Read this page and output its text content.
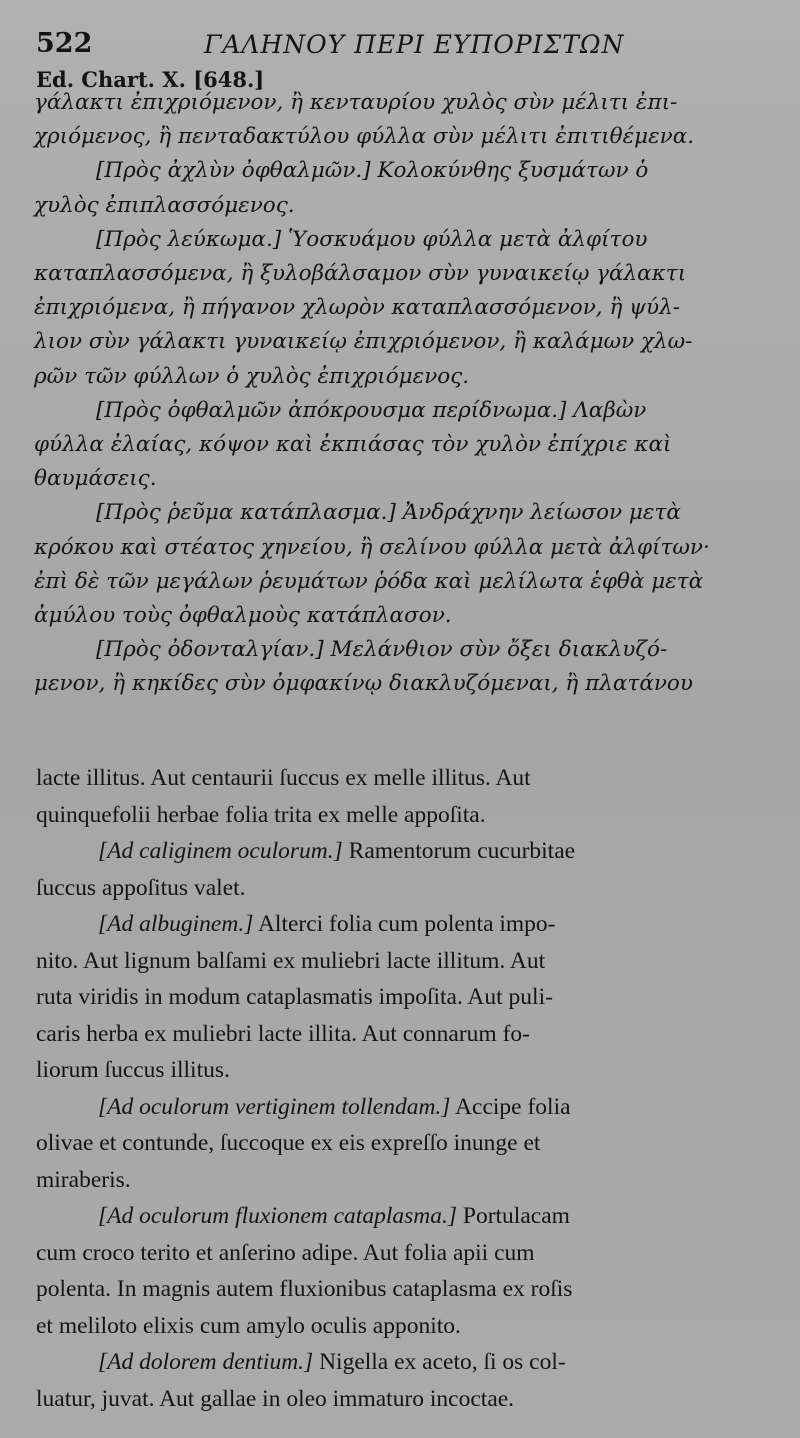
522	ΓΑΛΗΝΟΥ ΠΕΡΙ ΕΥΠΟΡΙΣΤΩΝ
Ed. Chart. X. [648.]
γάλακτι ἐπιχριόμενον, ἢ κενταυρίου χυλὸς σὺν μέλιτι ἐπι-
χριόμενος, ἢ πενταδακτύλου φύλλα σὺν μέλιτι ἐπιτιθέμενα.
[Πρὸς ἀχλὺν ὀφθαλμῶν.] Κολοκύνθης ξυσμάτων ὁ
χυλὸς ἐπιπλασσόμενος.
[Πρὸς λεύκωμα.] Ὑοσκυάμου φύλλα μετὰ ἀλφίτου
καταπλασσόμενα, ἢ ξυλοβάλσαμον σὺν γυναικείῳ γάλακτι
ἐπιχριόμενα, ἢ πήγανον χλωρὸν καταπλασσόμενον, ἢ ψύλ-
λιον σὺν γάλακτι γυναικείῳ ἐπιχριόμενον, ἢ καλάμων χλω-
ρῶν τῶν φύλλων ὁ χυλὸς ἐπιχριόμενος.
[Πρὸς ὀφθαλμῶν ἀπόκρουσμα περίδνωμα.] Λαβὼν
φύλλα ἐλαίας, κόψον καὶ ἐκπιάσας τὸν χυλὸν ἐπίχριε καὶ
θαυμάσεις.
[Πρὸς ῥεῦμα κατάπλασμα.] Ἀνδράχνην λείωσον μετὰ
κρόκου καὶ στέατος χηνείου, ἢ σελίνου φύλλα μετὰ ἀλφίτων·
ἐπὶ δὲ τῶν μεγάλων ῥευμάτων ῥόδα καὶ μελίλωτα ἑφθὰ μετὰ
ἀμύλου τοὺς ὀφθαλμοὺς κατάπλασον.
[Πρὸς ὀδονταλγίαν.] Μελάνθιον σὺν ὄξει διακλυζό-
μενον, ἢ κηκίδες σὺν ὀμφακίνῳ διακλυζόμεναι, ἢ πλατάνου
lacte illitus. Aut centaurii ſuccus ex melle illitus. Aut
quinquefolii herbae folia trita ex melle appoſita.
[Ad caliginem oculorum.] Ramentorum cucurbitae
ſuccus appoſitus valet.
[Ad albuginem.] Alterci folia cum polenta impo-
nito. Aut lignum balſami ex muliebri lacte illitum. Aut
ruta viridis in modum cataplasmatis impoſita. Aut puli-
caris herba ex muliebri lacte illita. Aut connarum fo-
liorum ſuccus illitus.
[Ad oculorum vertiginem tollendam.] Accipe folia
olivae et contunde, ſuccoque ex eis expreſſo inunge et
miraberis.
[Ad oculorum fluxionem cataplasma.] Portulacam
cum croco terito et anſerino adipe. Aut folia apii cum
polenta. In magnis autem fluxionibus cataplasma ex roſis
et meliloto elixis cum amylo oculis apponito.
[Ad dolorem dentium.] Nigella ex aceto, ſi os col-
luatur, juvat. Aut gallae in oleo immaturo incoctae.
